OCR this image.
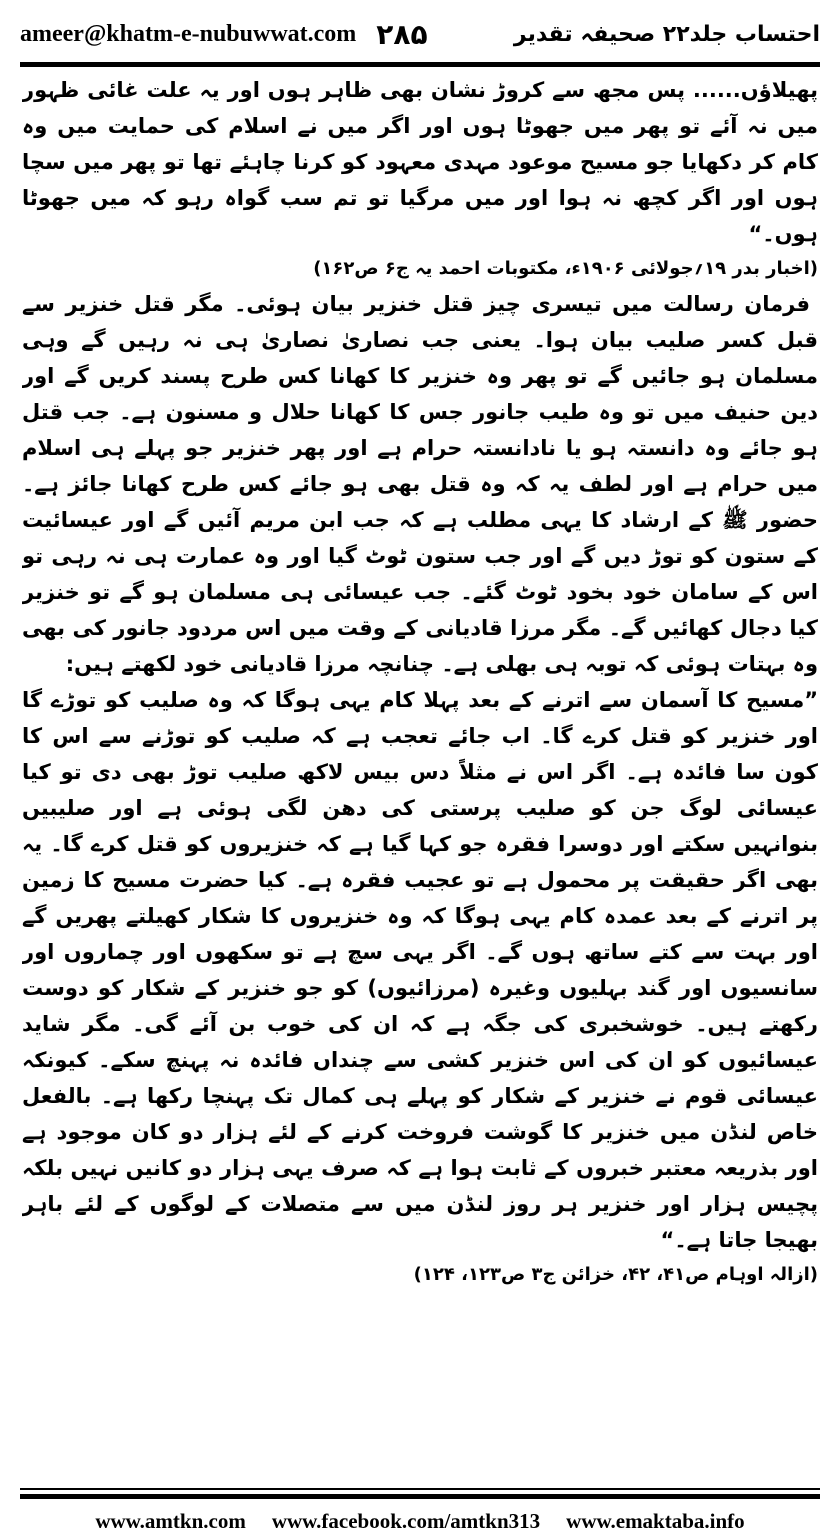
ameer@khatm-e-nubuwwat.com ۲۸۵	احتساب جلد۲۲ صحیفہ تقدیر

پھیلاؤں...... پس مجھ سے کروڑ نشان بھی ظاہر ہوں اور یہ علت غائی ظہور میں نہ آئے تو پھر میں جھوٹا ہوں اور اگر میں نے اسلام کی حمایت میں وہ کام کر دکھایا جو مسیح موعود مہدی معہود کو کرنا چاہئے تھا تو پھر میں سچا ہوں اور اگر کچھ نہ ہوا اور میں مرگیا تو تم سب گواہ رہو کہ میں جھوٹا ہوں۔“

(اخبار بدر ۱۹؍جولائی ۱۹۰۶ء، مکتوبات احمد یہ ج۶ ص۱۶۲)

فرمان رسالت میں تیسری چیز قتل خنزیر بیان ہوئی۔ مگر قتل خنزیر سے قبل کسر صلیب بیان ہوا۔ یعنی جب نصاریٰ نصاریٰ ہی نہ رہیں گے وہی مسلمان ہو جائیں گے تو پھر وہ خنزیر کا کھانا کس طرح پسند کریں گے اور دین حنیف میں تو وہ طیب جانور جس کا کھانا حلال و مسنون ہے۔ جب قتل ہو جائے وہ دانستہ ہو یا نادانستہ حرام ہے اور پھر خنزیر جو پہلے ہی اسلام میں حرام ہے اور لطف یہ کہ وہ قتل بھی ہو جائے کس طرح کھانا جائز ہے۔ حضور ﷺ کے ارشاد کا یہی مطلب ہے کہ جب ابن مریم آئیں گے اور عیسائیت کے ستون کو توڑ دیں گے اور جب ستون ٹوٹ گیا اور وہ عمارت ہی نہ رہی تو اس کے سامان خود بخود ٹوٹ گئے۔ جب عیسائی ہی مسلمان ہو گے تو خنزیر کیا دجال کھائیں گے۔ مگر مرزا قادیانی کے وقت میں اس مردود جانور کی بھی وہ بہتات ہوئی کہ توبہ ہی بھلی ہے۔ چنانچہ مرزا قادیانی خود لکھتے ہیں:

”مسیح کا آسمان سے اترنے کے بعد پہلا کام یہی ہوگا کہ وہ صلیب کو توڑے گا اور خنزیر کو قتل کرے گا۔ اب جائے تعجب ہے کہ صلیب کو توڑنے سے اس کا کون سا فائدہ ہے۔ اگر اس نے مثلاً دس بیس لاکھ صلیب توڑ بھی دی تو کیا عیسائی لوگ جن کو صلیب پرستی کی دھن لگی ہوئی ہے اور صلیبیں بنوانہیں سکتے اور دوسرا فقرہ جو کہا گیا ہے کہ خنزیروں کو قتل کرے گا۔ یہ بھی اگر حقیقت پر محمول ہے تو عجیب فقرہ ہے۔ کیا حضرت مسیح کا زمین پر اترنے کے بعد عمدہ کام یہی ہوگا کہ وہ خنزیروں کا شکار کھیلتے پھریں گے اور بہت سے کتے ساتھ ہوں گے۔ اگر یہی سچ ہے تو سکھوں اور چماروں اور سانسیوں اور گند بہلیوں وغیرہ (مرزائیوں) کو جو خنزیر کے شکار کو دوست رکھتے ہیں۔ خوشخبری کی جگہ ہے کہ ان کی خوب بن آئے گی۔ مگر شاید عیسائیوں کو ان کی اس خنزیر کشی سے چنداں فائدہ نہ پہنچ سکے۔ کیونکہ عیسائی قوم نے خنزیر کے شکار کو پہلے ہی کمال تک پہنچا رکھا ہے۔ بالفعل خاص لنڈن میں خنزیر کا گوشت فروخت کرنے کے لئے ہزار دو کان موجود ہے اور بذریعہ معتبر خبروں کے ثابت ہوا ہے کہ صرف یہی ہزار دو کانیں نہیں بلکہ پچیس ہزار اور خنزیر ہر روز لنڈن میں سے متصلات کے لوگوں کے لئے باہر بھیجا جاتا ہے۔“

(ازالہ اوہام ص۴۱، ۴۲، خزائن ج۳ ص۱۲۳، ۱۲۴)

www.amtkn.com www.facebook.com/amtkn313 www.emaktaba.info
